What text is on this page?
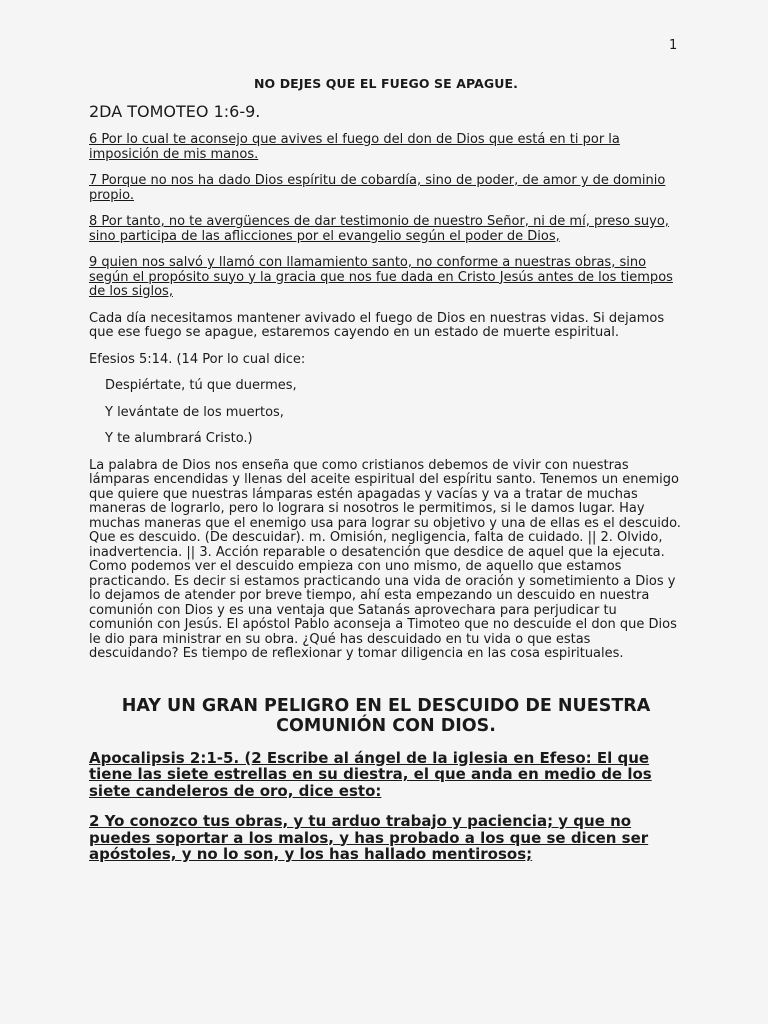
1

NO DEJES QUE EL FUEGO SE APAGUE.

2DA TOMOTEO 1:6-9.

6 Por lo cual te aconsejo que avives el fuego del don de Dios que está en ti por la imposición de mis manos.

7 Porque no nos ha dado Dios espíritu de cobardía, sino de poder, de amor y de dominio propio.

8 Por tanto, no te avergüences de dar testimonio de nuestro Señor, ni de mí, preso suyo, sino participa de las aflicciones por el evangelio según el poder de Dios,

9 quien nos salvó y llamó con llamamiento santo, no conforme a nuestras obras, sino según el propósito suyo y la gracia que nos fue dada en Cristo Jesús antes de los tiempos de los siglos,

Cada día necesitamos mantener avivado el fuego de Dios en nuestras vidas. Si dejamos que ese fuego se apague, estaremos cayendo en un estado de muerte espiritual.

Efesios 5:14. (14 Por lo cual dice:

Despiértate, tú que duermes,

Y levántate de los muertos,

Y te alumbrará Cristo.)

La palabra de Dios nos enseña que como cristianos debemos de vivir con nuestras lámparas encendidas y llenas del aceite espiritual del espíritu santo. Tenemos un enemigo que quiere que nuestras lámparas estén apagadas y vacías y va a tratar de muchas maneras de lograrlo, pero lo lograra si nosotros le permitimos, si le damos lugar. Hay muchas maneras que el enemigo usa para lograr su objetivo y una de ellas es el descuido. Que es descuido. (De descuidar). m. Omisión, negligencia, falta de cuidado. || 2. Olvido, inadvertencia. || 3. Acción reparable o desatención que desdice de aquel que la ejecuta. Como podemos ver el descuido empieza con uno mismo, de aquello que estamos practicando. Es decir si estamos practicando una vida de oración y sometimiento a Dios y lo dejamos de atender por breve tiempo, ahí esta empezando un descuido en nuestra comunión con Dios y es una ventaja que Satanás aprovechara para perjudicar tu comunión con Jesús. El apóstol Pablo aconseja a Timoteo que no descuide el don que Dios le dio para ministrar en su obra. ¿Qué has descuidado en tu vida o que estas descuidando? Es tiempo de reflexionar y tomar diligencia en las cosa espirituales.

HAY UN GRAN PELIGRO EN EL DESCUIDO DE NUESTRA COMUNIÓN CON DIOS.

Apocalipsis 2:1-5. (2 Escribe al ángel de la iglesia en Efeso: El que tiene las siete estrellas en su diestra, el que anda en medio de los siete candeleros de oro, dice esto:

2 Yo conozco tus obras, y tu arduo trabajo y paciencia; y que no puedes soportar a los malos, y has probado a los que se dicen ser apóstoles, y no lo son, y los has hallado mentirosos;
